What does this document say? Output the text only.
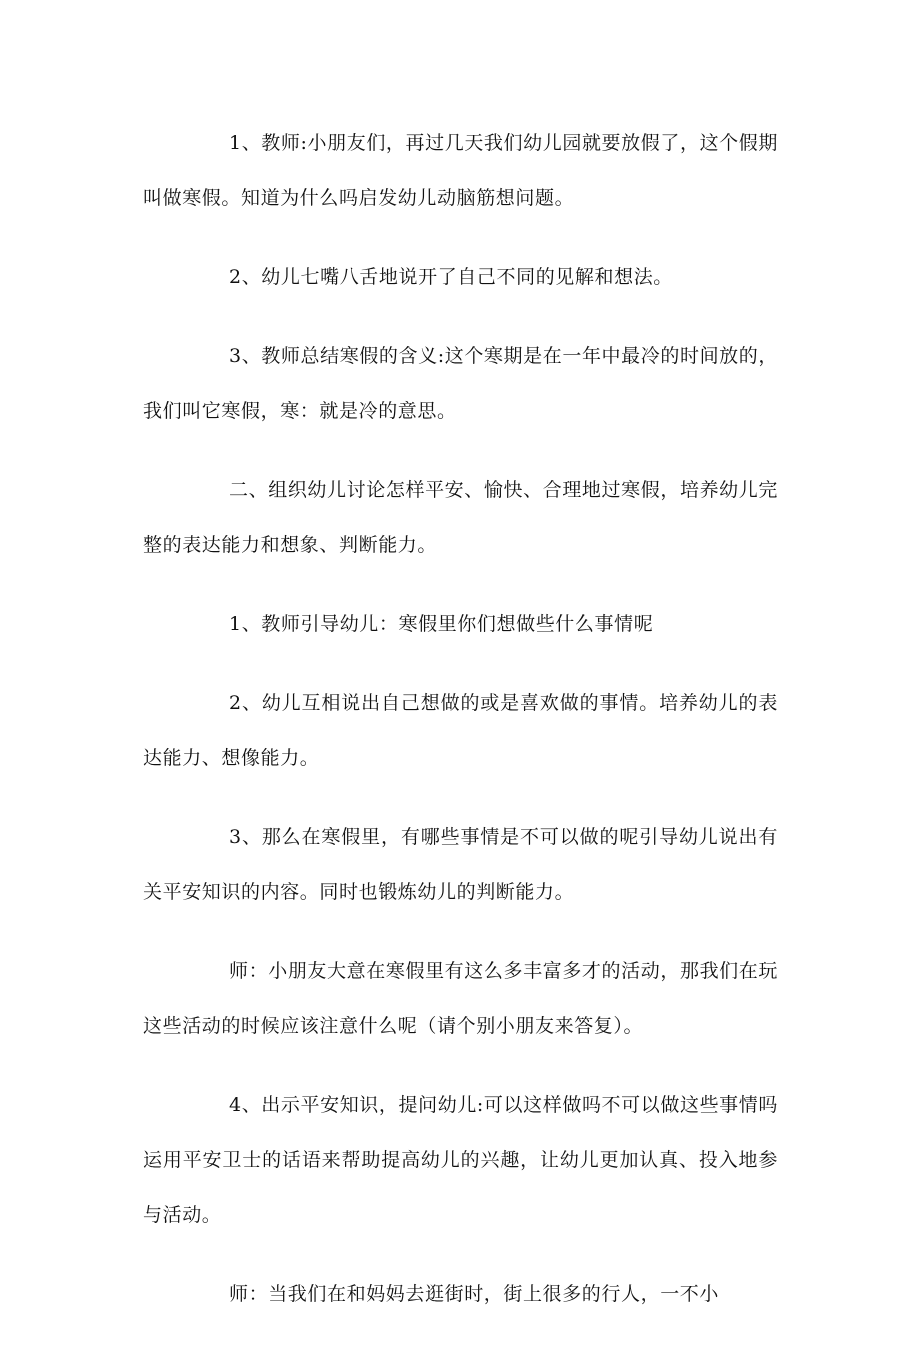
1、教师:小朋友们，再过几天我们幼儿园就要放假了，这个假期叫做寒假。知道为什么吗启发幼儿动脑筋想问题。

2、幼儿七嘴八舌地说开了自己不同的见解和想法。

3、教师总结寒假的含义:这个寒期是在一年中最冷的时间放的，我们叫它寒假，寒：就是冷的意思。

二、组织幼儿讨论怎样平安、愉快、合理地过寒假，培养幼儿完整的表达能力和想象、判断能力。

1、教师引导幼儿：寒假里你们想做些什么事情呢

2、幼儿互相说出自己想做的或是喜欢做的事情。培养幼儿的表达能力、想像能力。

3、那么在寒假里，有哪些事情是不可以做的呢引导幼儿说出有关平安知识的内容。同时也锻炼幼儿的判断能力。

师：小朋友大意在寒假里有这么多丰富多才的活动，那我们在玩这些活动的时候应该注意什么呢（请个别小朋友来答复）。

4、出示平安知识，提问幼儿:可以这样做吗不可以做这些事情吗运用平安卫士的话语来帮助提高幼儿的兴趣，让幼儿更加认真、投入地参与活动。

师：当我们在和妈妈去逛街时，街上很多的行人，一不小
